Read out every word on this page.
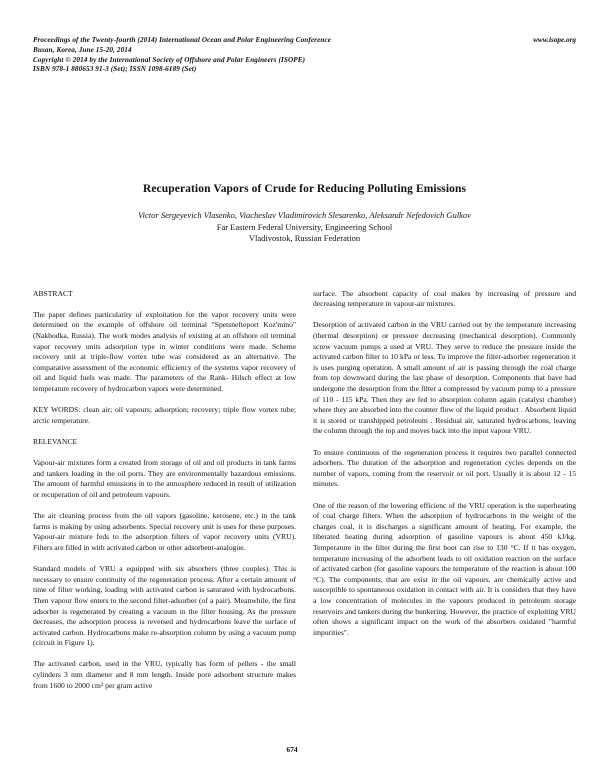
Proceedings of the Twenty-fourth (2014) International Ocean and Polar Engineering Conference
Busan, Korea, June 15-20, 2014
Copyright © 2014 by the International Society of Offshore and Polar Engineers (ISOPE)
ISBN 978-1 880653 91-3 (Set); ISSN 1098-6189 (Set)
www.isope.org
Recuperation Vapors of Crude for Reducing Polluting Emissions
Victor Sergeyevich Vlasenko, Viacheslav Vladimirovich Slesarenko, Aleksandr Nefedovich Gulkov
Far Eastern Federal University, Engineering School
Vladivostok, Russian Federation
ABSTRACT

The paper defines particularity of exploitation for the vapor recovery units were determined on the example of offshore oil terminal "Spetsnefteport Koz'mino" (Nakhodka, Russia). The work modes analysis of existing at an offshore oil terminal vapor recovery units adsorption type in winter conditions were made. Scheme recovery unit at triple-flow vortex tube was considered as an alternative. The comparative assessment of the economic efficiency of the systems vapor recovery of oil and liquid fuels was made. The parameters of the Rank- Hilsch effect at low temperature recovery of hydrocarbon vapors were determined.

KEY WORDS: clean air; oil vapours; adsorption; recovery; triple flow vortex tube; arctic temperature.

RELEVANCE

Vapour-air mixtures form a created from storage of oil and oil products in tank farms and tankers loading in the oil ports. They are environmentally hazardous emissions. The amount of harmful emissions in to the atmosphere reduced in result of utilization or recuperation of oil and petroleum vapours.

The air cleaning process from the oil vapors (gasoline, kerosene, etc.) in the tank farms is making by using adsorbents. Special recovery unit is uses for these purposes. Vapour-air mixture feds to the adsorption filters of vapor recovery units (VRU). Filters are filled in with activated carbon or other adsorbent-analogue.

Standard models of VRU a equipped with six absorbers (three couples). This is necessary to ensure continuity of the regeneration process. After a certain amount of time of filter working, loading with activated carbon is saturated with hydrocarbons. Then vapour flow enters to the second filter-adsorber (of a pair). Meanwhile, the first adsorber is regenerated by creating a vacuum in the filter housing. As the pressure decreases, the adsorption process is reversed and hydrocarbons leave the surface of activated carbon. Hydrocarbons make re-absorption column by using a vacuum pump (circuit in Figure 1).

The activated carbon, used in the VRU, typically has form of pellets - the small cylinders 3 mm diameter and 8 mm length. Inside pore adsorbent structure makes from 1600 to 2000 cm² per gram active

surface. The absorbent capacity of coal makes by increasing of pressure and decreasing temperature in vapour-air mixtures.

Desorption of activated carbon in the VRU carried out by the temperature increasing (thermal desorption) or pressure decreasing (mechanical desorption). Commonly screw vacuum pumps a used at VRU. They serve to reduce the pressure inside the activated carbon filter to 10 kPa or less. To improve the filter-adsorber regeneration it is uses purging operation. A small amount of air is passing through the coal charge from top downward during the last phase of desorption. Components that have had undergone the desorption from the filter a compressed by vacuum pump to a pressure of 110 - 115 kPa. Then they are fed to absorption column again (catalyst chamber) where they are absorbed into the counter flow of the liquid product . Absorbent liquid it is stored or transhipped petroleum . Residual air, saturated hydrocarbons, leaving the column through the top and moves back into the input vapour VRU.

To ensure continuous of the regeneration process it requires two parallel connected adsorbers. The duration of the adsorption and regeneration cycles depends on the number of vapors, coming from the reservoir or oil port. Usually it is about 12 - 15 minutes.

One of the reason of the lowering efficienc of the VRU operation is the superheating of coal charge filters. When the adsorption of hydrocarbons in the weight of the charges coal, it is discharges a significant amount of heating. For example, the liberated heating during adsorption of gasoline vapours is about 450 kJ/kg. Temperature in the filter during the first boot can rise to 130 °C. If it has oxygen, temperature increasing of the adsorbent leads to oil oxidation reaction on the surface of activated carbon (for gasoline vapours the temperature of the reaction is about 100 °C). The components, that are exist in the oil vapours, are chemically active and susceptible to spontaneous oxidation in contact with air. It is considers that they have a low concentration of molecules in the vapours produced in petroleum storage reservoirs and tankers during the bunkering. However, the practice of exploiting VRU often shows a significant impact on the work of the absorbers oxidated "harmful impurities".

674
